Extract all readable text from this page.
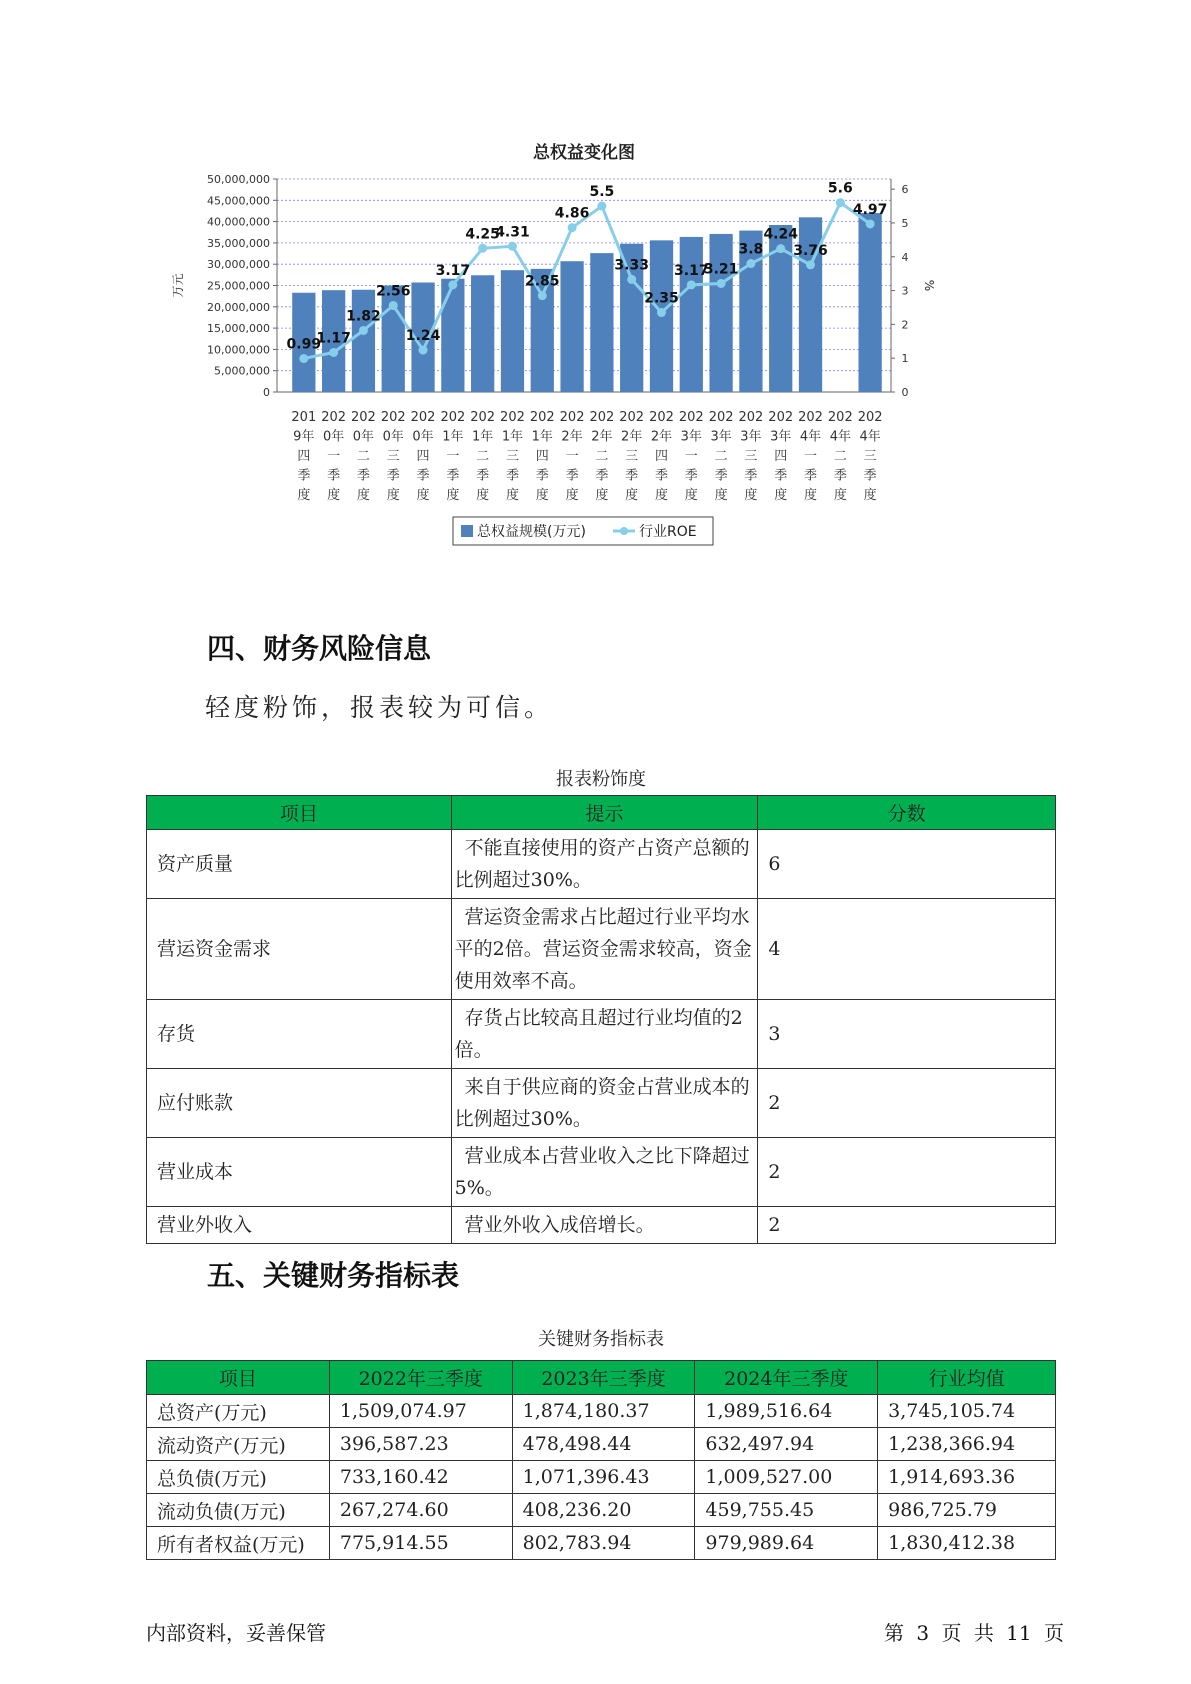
总权益变化图
0
5,000,000
10,000,000
15,000,000
20,000,000
25,000,000
30,000,000
35,000,000
40,000,000
45,000,000
50,000,000
0
1
2
3
4
5
6
万元	%
0.99
1.17
1.82
2.56
1.24
3.17
4.25
4.31
2.85
4.86
5.5
3.33
2.35
3.17
3.21
3.8
4.24
3.76
5.6
4.97
201
9年
四
季
度
202
0年
一
季
度
202
0年
二
季
度
202
0年
三
季
度
202
0年
四
季
度
202
1年
一
季
度
202
1年
二
季
度
202
1年
三
季
度
202
1年
四
季
度
202
2年
一
季
度
202
2年
二
季
度
202
2年
三
季
度
202
2年
四
季
度
202
3年
一
季
度
202
3年
二
季
度
202
3年
三
季
度
202
3年
四
季
度
202
4年
一
季
度
202
4年
二
季
度
202
4年
三
季
度
总权益规模(万元)	行业ROE
四、财务风险信息
轻度粉饰，报表较为可信。
报表粉饰度
项目	提示	分数
资产质量	不能直接使用的资产占资产总额的比例超过30%。	6
营运资金需求	营运资金需求占比超过行业平均水平的2倍。营运资金需求较高，资金使用效率不高。	4
存货	存货占比较高且超过行业均值的2倍。	3
应付账款	来自于供应商的资金占营业成本的比例超过30%。	2
营业成本	营业成本占营业收入之比下降超过5%。	2
营业外收入	营业外收入成倍增长。	2
五、关键财务指标表
关键财务指标表
项目	2022年三季度	2023年三季度	2024年三季度	行业均值
总资产(万元)	1,509,074.97	1,874,180.37	1,989,516.64	3,745,105.74
流动资产(万元)	396,587.23	478,498.44	632,497.94	1,238,366.94
总负债(万元)	733,160.42	1,071,396.43	1,009,527.00	1,914,693.36
流动负债(万元)	267,274.60	408,236.20	459,755.45	986,725.79
所有者权益(万元)	775,914.55	802,783.94	979,989.64	1,830,412.38
内部资料，妥善保管	第 3 页 共 11 页
